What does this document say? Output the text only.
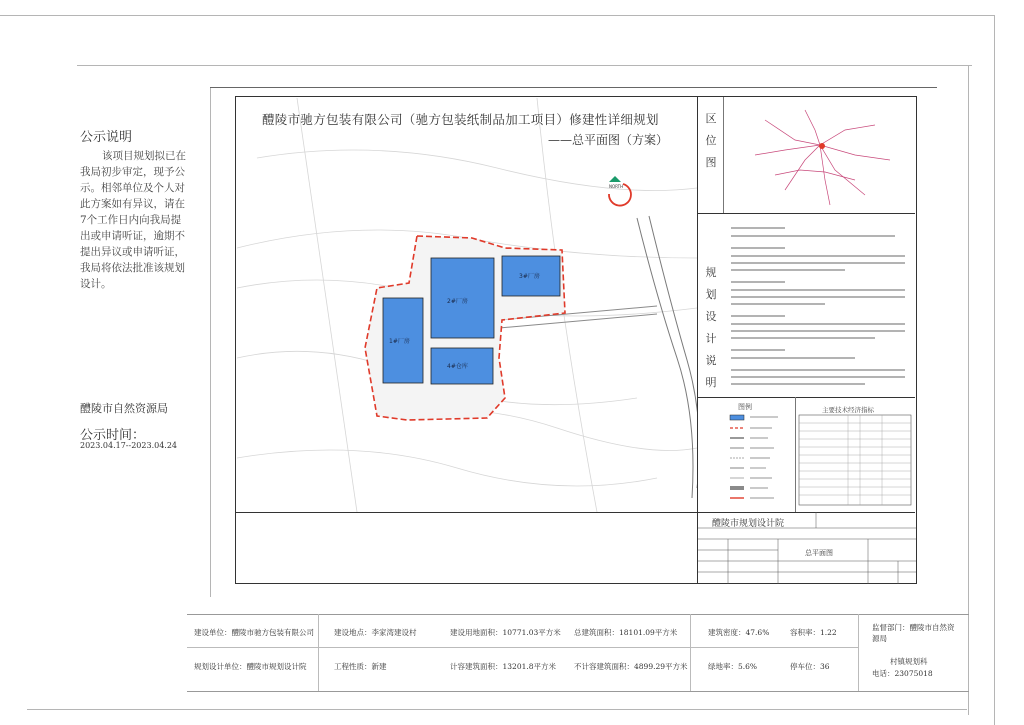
公示说明
该项目规划拟已在我局初步审定，现予公示。相邻单位及个人对此方案如有异议，请在7个工作日内向我局提出或申请听证，逾期不提出异议或申请听证，我局将依法批准该规划设计。
醴陵市自然资源局
公示时间：
2023.04.17--2023.04.24
2#厂房
3#厂房
1#厂房
4#仓库
NORTH
醴陵市驰方包装有限公司（驰方包装纸制品加工项目）修建性详细规划
——总平面图（方案）
区
位
图
规
划
设
计
说
明
图例	主要技术经济指标
醴陵市规划设计院
总平面图
建设单位：醴陵市驰方包装有限公司	建设地点：李家湾建设村	建设用地面积：10771.03平方米 总建筑面积：18101.09平方米	建筑密度：47.6%	容积率：1.22
监督部门：醴陵市自然资源局
规划设计单位：醴陵市规划设计院	工程性质：新建	计容建筑面积：13201.8平方米 不计容建筑面积：4899.29平方米	绿地率：5.6%	停车位：36
村镇规划科
电话：23075018
